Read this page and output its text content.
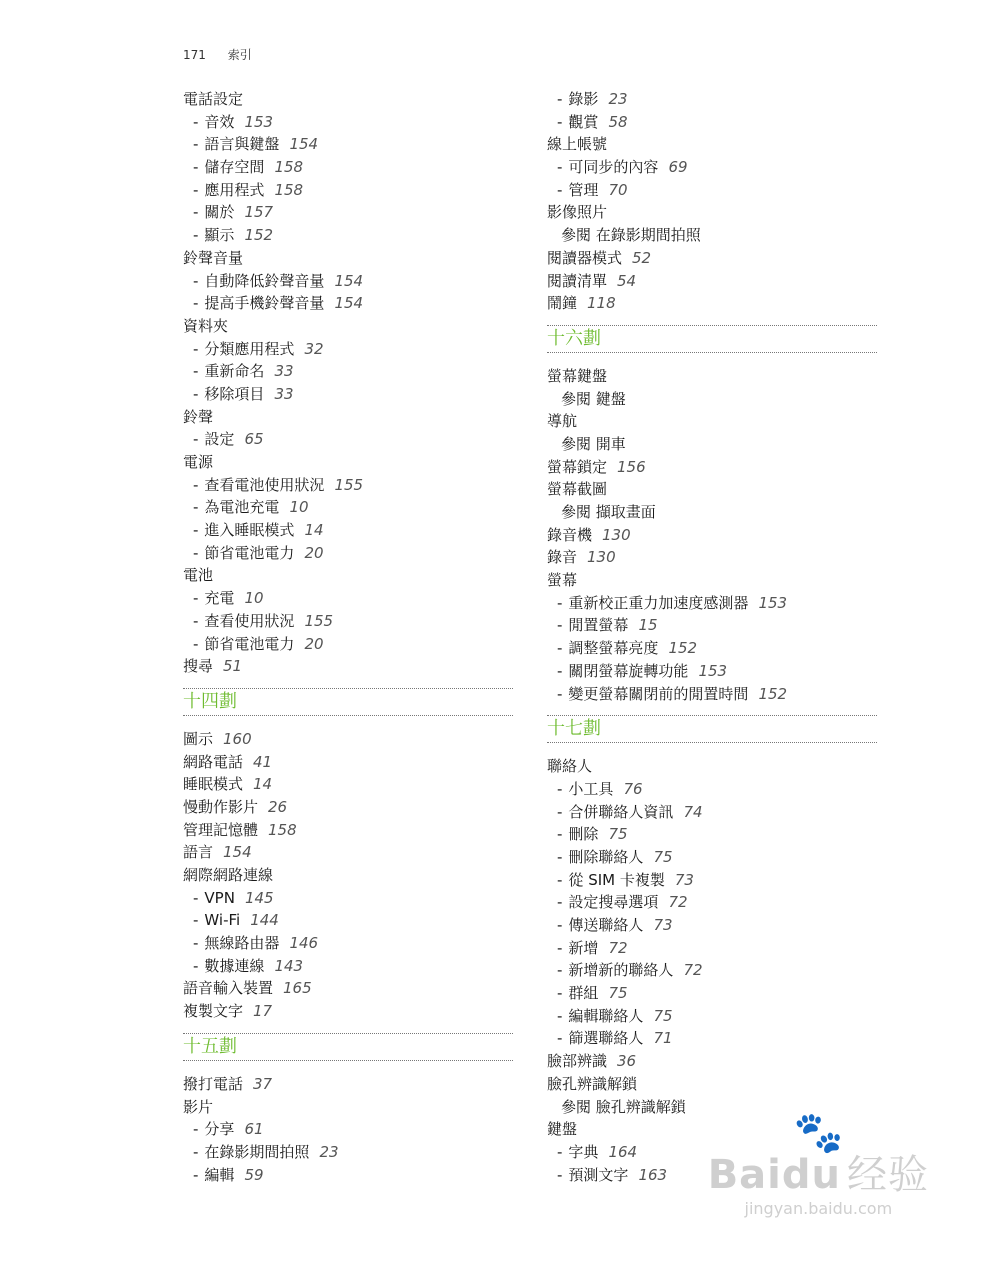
171 索引
電話設定
- 音效 153
- 語言與鍵盤 154
- 儲存空間 158
- 應用程式 158
- 關於 157
- 顯示 152
鈴聲音量
- 自動降低鈴聲音量 154
- 提高手機鈴聲音量 154
資料夾
- 分類應用程式 32
- 重新命名 33
- 移除項目 33
鈴聲
- 設定 65
電源
- 查看電池使用狀況 155
- 為電池充電 10
- 進入睡眠模式 14
- 節省電池電力 20
電池
- 充電 10
- 查看使用狀況 155
- 節省電池電力 20
搜尋 51
十四劃
圖示 160
網路電話 41
睡眠模式 14
慢動作影片 26
管理記憶體 158
語言 154
網際網路連線
- VPN 145
- Wi-Fi 144
- 無線路由器 146
- 數據連線 143
語音輸入裝置 165
複製文字 17
十五劃
撥打電話 37
影片
- 分享 61
- 在錄影期間拍照 23
- 編輯 59
- 錄影 23
- 觀賞 58
線上帳號
- 可同步的內容 69
- 管理 70
影像照片
參閱 在錄影期間拍照
閱讀器模式 52
閱讀清單 54
鬧鐘 118
十六劃
螢幕鍵盤
參閱 鍵盤
導航
參閱 開車
螢幕鎖定 156
螢幕截圖
參閱 擷取畫面
錄音機 130
錄音 130
螢幕
- 重新校正重力加速度感測器 153
- 閒置螢幕 15
- 調整螢幕亮度 152
- 關閉螢幕旋轉功能 153
- 變更螢幕關閉前的閒置時間 152
十七劃
聯絡人
- 小工具 76
- 合併聯絡人資訊 74
- 刪除 75
- 刪除聯絡人 75
- 從 SIM 卡複製 73
- 設定搜尋選項 72
- 傳送聯絡人 73
- 新增 72
- 新增新的聯絡人 72
- 群組 75
- 編輯聯絡人 75
- 篩選聯絡人 71
臉部辨識 36
臉孔辨識解鎖
參閱 臉孔辨識解鎖
鍵盤
- 字典 164
- 預測文字 163
🐾
Baidu 经验
jingyan.baidu.com
